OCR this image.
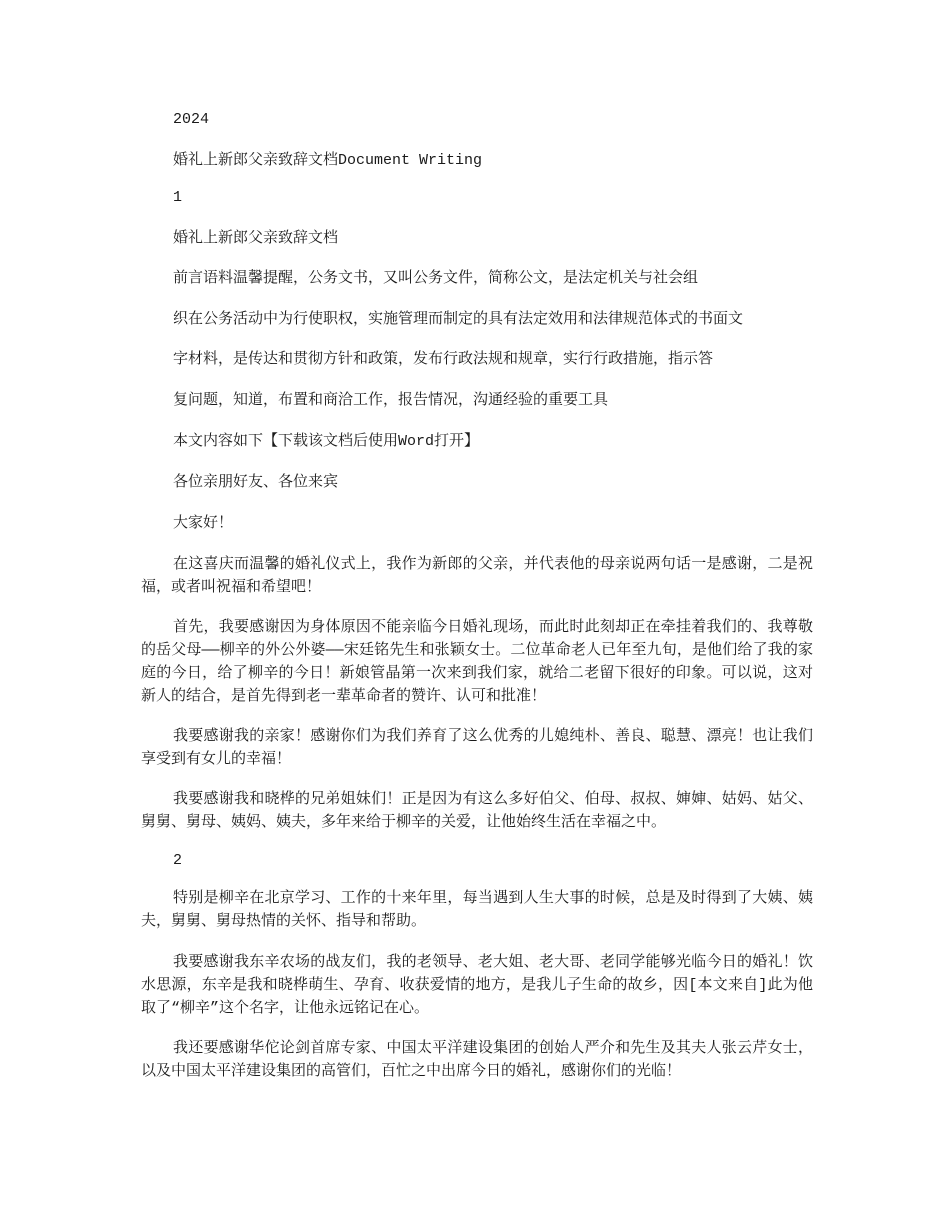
2024

婚礼上新郎父亲致辞文档Document Writing

1

婚礼上新郎父亲致辞文档

前言语料温馨提醒，公务文书，又叫公务文件，简称公文，是法定机关与社会组

织在公务活动中为行使职权，实施管理而制定的具有法定效用和法律规范体式的书面文

字材料，是传达和贯彻方针和政策，发布行政法规和规章，实行行政措施，指示答

复问题，知道，布置和商洽工作，报告情况，沟通经验的重要工具

本文内容如下【下载该文档后使用Word打开】

各位亲朋好友、各位来宾

大家好！

在这喜庆而温馨的婚礼仪式上，我作为新郎的父亲，并代表他的母亲说两句话一是感谢，二是祝福，或者叫祝福和希望吧！

首先，我要感谢因为身体原因不能亲临今日婚礼现场，而此时此刻却正在牵挂着我们的、我尊敬的岳父母——柳辛的外公外婆——宋廷铭先生和张颖女士。二位革命老人已年至九旬，是他们给了我的家庭的今日，给了柳辛的今日！新娘管晶第一次来到我们家，就给二老留下很好的印象。可以说，这对新人的结合，是首先得到老一辈革命者的赞许、认可和批准！

我要感谢我的亲家！感谢你们为我们养育了这么优秀的儿媳纯朴、善良、聪慧、漂亮！也让我们享受到有女儿的幸福！

我要感谢我和晓桦的兄弟姐妹们！正是因为有这么多好伯父、伯母、叔叔、婶婶、姑妈、姑父、舅舅、舅母、姨妈、姨夫，多年来给于柳辛的关爱，让他始终生活在幸福之中。

2

特别是柳辛在北京学习、工作的十来年里，每当遇到人生大事的时候，总是及时得到了大姨、姨夫，舅舅、舅母热情的关怀、指导和帮助。

我要感谢我东辛农场的战友们，我的老领导、老大姐、老大哥、老同学能够光临今日的婚礼！饮水思源，东辛是我和晓桦萌生、孕育、收获爱情的地方，是我儿子生命的故乡，因[本文来自]此为他取了“柳辛”这个名字，让他永远铭记在心。

我还要感谢华佗论剑首席专家、中国太平洋建设集团的创始人严介和先生及其夫人张云芹女士，以及中国太平洋建设集团的高管们，百忙之中出席今日的婚礼，感谢你们的光临！
